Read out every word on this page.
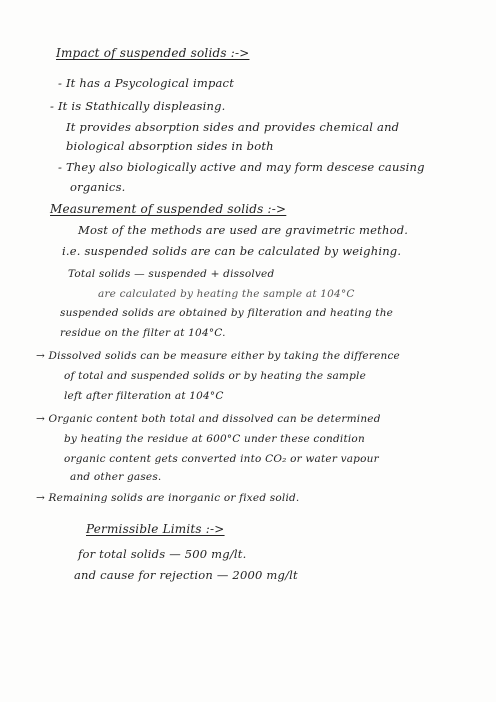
Impact of suspended solids :->
- It has a Psycological impact
- It is Stathically displeasing.
It provides absorption sides and provides chemical and
biological absorption sides in both
- They also biologically active and may form descese causing
organics.
Measurement of suspended solids :->
Most of the methods are used are gravimetric method.
i.e. suspended solids are can be calculated by weighing.
Total solids — suspended + dissolved
are calculated by heating the sample at 104°C
suspended solids are obtained by filteration and heating the
residue on the filter at 104°C.
→ Dissolved solids can be measure either by taking the difference
of total and suspended solids or by heating the sample
left after filteration at 104°C
→ Organic content both total and dissolved can be determined
by heating the residue at 600°C under these condition
organic content gets converted into CO₂ or water vapour
and other gases.
→ Remaining solids are inorganic or fixed solid.
Permissible Limits :->
for total solids — 500 mg/lt.
and cause for rejection — 2000 mg/lt
